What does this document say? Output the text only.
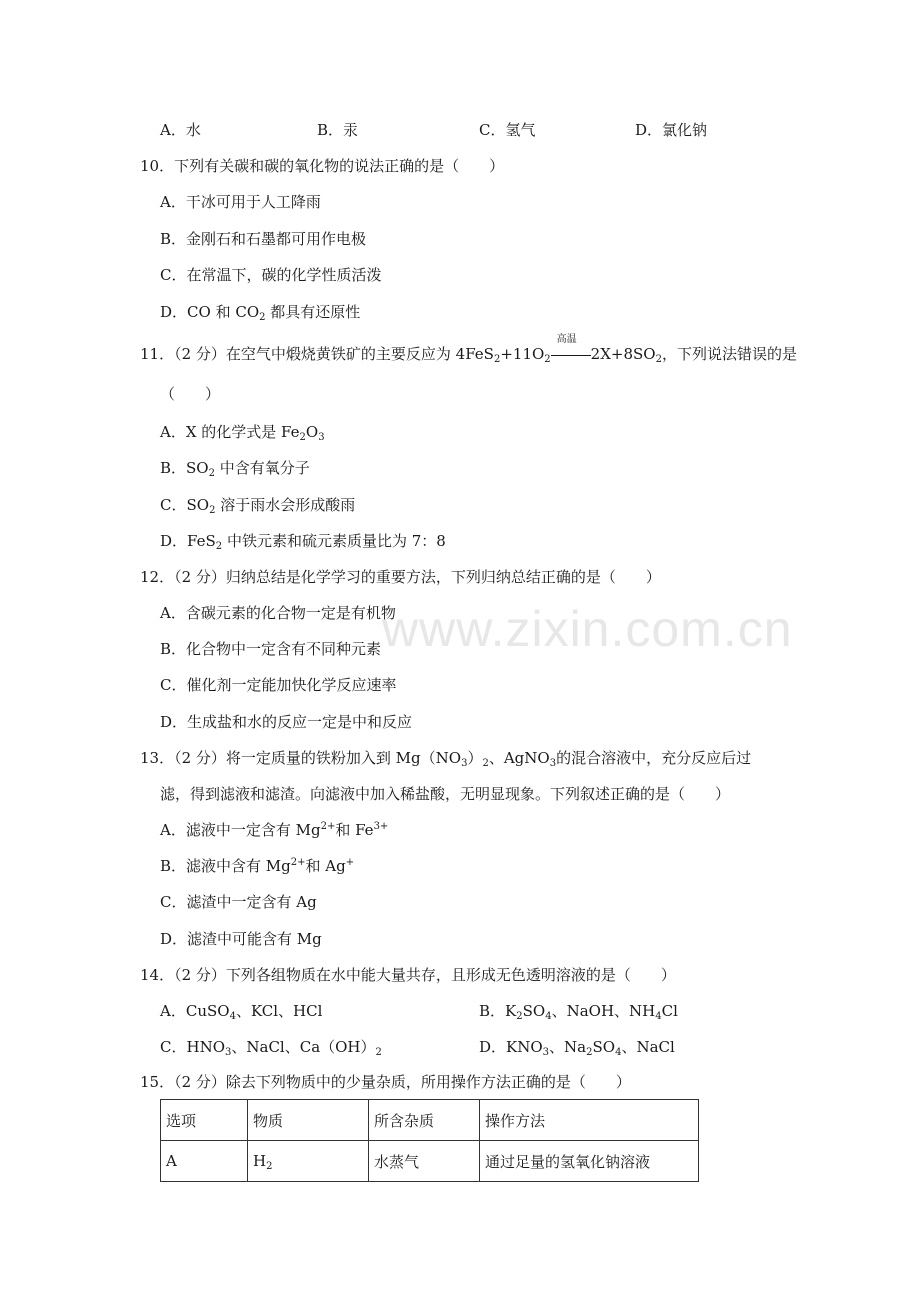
www.zixin.com.cn
A．水	B．汞	C．氢气	D．氯化钠
10．下列有关碳和碳的氧化物的说法正确的是（　　）
A．干冰可用于人工降雨
B．金刚石和石墨都可用作电极
C．在常温下，碳的化学性质活泼
D．CO 和 $CO_2$ 都具有还原性
11．（2 分）在空气中煅烧黄铁矿的主要反应为 $4FeS_2+11O_2$
高温
$2X+8SO_2$，下列说法错误的是
（　　）
A．X 的化学式是 $Fe_2O_3$
B．$SO_2$ 中含有氧分子
C．$SO_2$ 溶于雨水会形成酸雨
D．FeS$_2$ 中铁元素和硫元素质量比为 7：8
12．（2 分）归纳总结是化学学习的重要方法，下列归纳总结正确的是（　　）
A．含碳元素的化合物一定是有机物
B．化合物中一定含有不同种元素
C．催化剂一定能加快化学反应速率
D．生成盐和水的反应一定是中和反应
13．（2 分）将一定质量的铁粉加入到 $Mg(NO_3)_2$、AgNO$_3$的混合溶液中，充分反应后过
滤，得到滤液和滤渣。向滤液中加入稀盐酸，无明显现象。下列叙述正确的是（　　）
A．滤液中一定含有 $Mg^{2+}$和 $Fe^{3+}$
B．滤液中含有 $Mg^{2+}$和 Ag+
C．滤渣中一定含有 Ag
D．滤渣中可能含有 Mg
14．（2 分）下列各组物质在水中能大量共存，且形成无色透明溶液的是（　　）
A．CuSO$_4$、KCl、HCl	B．$K_2SO_4$、NaOH、$NH_4Cl$
C．$HNO_3$、NaCl、$Ca(OH)_2$	D．$KNO_3$、$Na_2SO_4$、NaCl
15．（2 分）除去下列物质中的少量杂质，所用操作方法正确的是（　　）
选项	物质	所含杂质	操作方法
A	$H_2$	水蒸气	通过足量的氢氧化钠溶液
